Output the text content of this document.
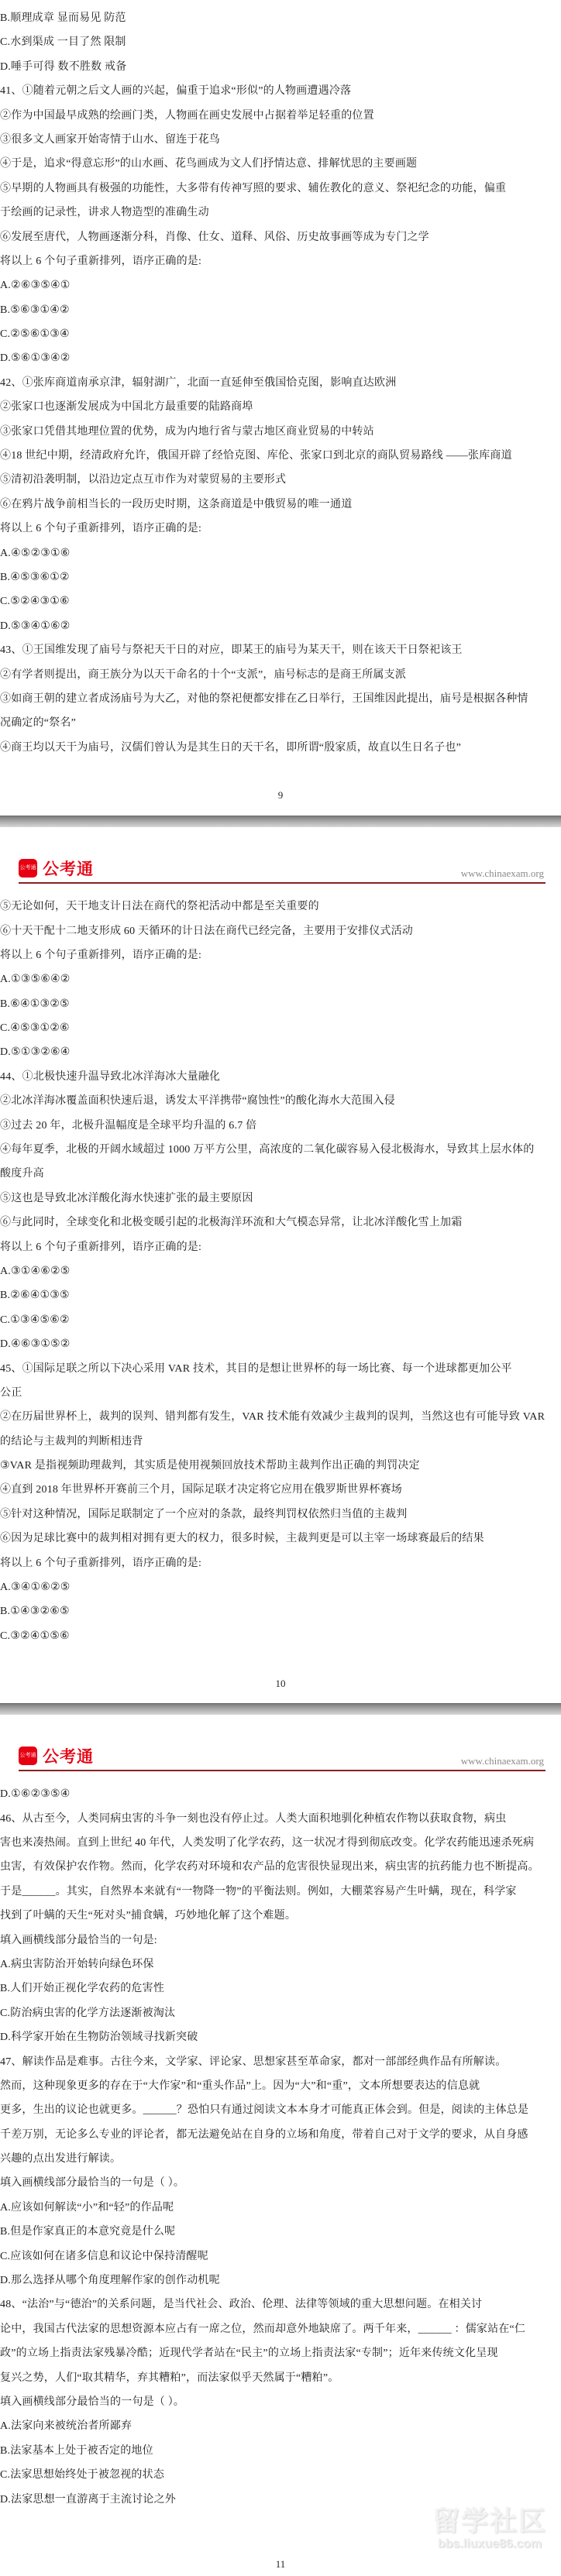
B.顺理成章 显而易见 防范

C.水到渠成 一目了然 限制

D.唾手可得 数不胜数 戒备

41、①随着元朝之后文人画的兴起，偏重于追求“形似”的人物画遭遇冷落

②作为中国最早成熟的绘画门类，人物画在画史发展中占据着举足轻重的位置

③很多文人画家开始寄情于山水、留连于花鸟

④于是，追求“得意忘形”的山水画、花鸟画成为文人们抒情达意、排解忧思的主要画题

⑤早期的人物画具有极强的功能性，大多带有传神写照的要求、辅佐教化的意义、祭祀纪念的功能，偏重

于绘画的记录性，讲求人物造型的准确生动

⑥发展至唐代，人物画逐渐分科，肖像、仕女、道释、风俗、历史故事画等成为专门之学

将以上 6 个句子重新排列，语序正确的是:

A.②⑥③⑤④①

B.⑤⑥③①④②

C.②⑤⑥①③④

D.⑤⑥①③④②

42、①张库商道南承京津，辐射湖广，北面一直延伸至俄国恰克图，影响直达欧洲

②张家口也逐渐发展成为中国北方最重要的陆路商埠

③张家口凭借其地理位置的优势，成为内地行省与蒙古地区商业贸易的中转站

④18 世纪中期，经清政府允许，俄国开辟了经恰克图、库伦、张家口到北京的商队贸易路线 ——张库商道

⑤清初沿袭明制，以沿边定点互市作为对蒙贸易的主要形式

⑥在鸦片战争前相当长的一段历史时期，这条商道是中俄贸易的唯一通道

将以上 6 个句子重新排列，语序正确的是:

A.④⑤②③①⑥

B.④⑤③⑥①②

C.⑤②④③①⑥

D.⑤③④①⑥②

43、①王国维发现了庙号与祭祀天干日的对应，即某王的庙号为某天干，则在该天干日祭祀该王

②有学者则提出，商王族分为以天干命名的十个“支派”，庙号标志的是商王所属支派

③如商王朝的建立者成汤庙号为大乙，对他的祭祀便都安排在乙日举行，王国维因此提出，庙号是根据各种情

况确定的“祭名”

④商王均以天干为庙号，汉儒们曾认为是其生日的天干名，即所谓“殷家质，故直以生日名子也”

9

公考通 公考通	www.chinaexam.org

⑤无论如何，天干地支计日法在商代的祭祀活动中都是至关重要的

⑥十天干配十二地支形成 60 天循环的计日法在商代已经完备，主要用于安排仪式活动

将以上 6 个句子重新排列，语序正确的是:

A.①③⑤⑥④②

B.⑥④①③②⑤

C.④⑤③①②⑥

D.⑤①③②⑥④

44、①北极快速升温导致北冰洋海冰大量融化

②北冰洋海冰覆盖面积快速后退，诱发太平洋携带“腐蚀性”的酸化海水大范围入侵

③过去 20 年，北极升温幅度是全球平均升温的 6.7 倍

④每年夏季，北极的开阔水域超过 1000 万平方公里，高浓度的二氧化碳容易入侵北极海水，导致其上层水体的

酸度升高

⑤这也是导致北冰洋酸化海水快速扩张的最主要原因

⑥与此同时，全球变化和北极变暖引起的北极海洋环流和大气模态异常，让北冰洋酸化雪上加霜

将以上 6 个句子重新排列，语序正确的是:

A.③①④⑥②⑤

B.②⑥④①③⑤

C.①③④⑤⑥②

D.④⑥③①⑤②

45、①国际足联之所以下决心采用 VAR 技术，其目的是想让世界杯的每一场比赛、每一个进球都更加公平

公正

②在历届世界杯上，裁判的误判、错判都有发生，VAR 技术能有效减少主裁判的误判，当然这也有可能导致 VAR

的结论与主裁判的判断相违背

③VAR 是指视频助理裁判，其实质是使用视频回放技术帮助主裁判作出正确的判罚决定

④直到 2018 年世界杯开赛前三个月，国际足联才决定将它应用在俄罗斯世界杯赛场

⑤针对这种情况，国际足联制定了一个应对的条款，最终判罚权依然归当值的主裁判

⑥因为足球比赛中的裁判相对拥有更大的权力，很多时候，主裁判更是可以主宰一场球赛最后的结果

将以上 6 个句子重新排列，语序正确的是:

A.③④①⑥②⑤

B.①④③②⑥⑤

C.③②④①⑤⑥

10

公考通 公考通	www.chinaexam.org

D.①⑥②③⑤④

46、从古至今，人类同病虫害的斗争一刻也没有停止过。人类大面积地驯化种植农作物以获取食物，病虫

害也来凑热闹。直到上世纪 40 年代，人类发明了化学农药，这一状况才得到彻底改变。化学农药能迅速杀死病

虫害，有效保护农作物。然而，化学农药对环境和农产品的危害很快显现出来，病虫害的抗药能力也不断提高。

于是______。其实，自然界本来就有“一物降一物”的平衡法则。例如，大棚菜容易产生叶螨，现在，科学家

找到了叶螨的天生“死对头”捕食螨，巧妙地化解了这个难题。

填入画横线部分最恰当的一句是:

A.病虫害防治开始转向绿色环保

B.人们开始正视化学农药的危害性

C.防治病虫害的化学方法逐渐被淘汰

D.科学家开始在生物防治领域寻找新突破

47、解读作品是难事。古往今来，文学家、评论家、思想家甚至革命家，都对一部部经典作品有所解读。

然而，这种现象更多的存在于“大作家”和“重头作品”上。因为“大”和“重”，文本所想要表达的信息就

更多，生出的议论也就更多。______？恐怕只有通过阅读文本本身才可能真正体会到。但是，阅读的主体总是

千差万别，无论多么专业的评论者，都无法避免站在自身的立场和角度，带着自己对于文学的要求，从自身感

兴趣的点出发进行解读。

填入画横线部分最恰当的一句是（ ）。

A.应该如何解读“小”和“轻”的作品呢

B.但是作家真正的本意究竟是什么呢

C.应该如何在诸多信息和议论中保持清醒呢

D.那么选择从哪个角度理解作家的创作动机呢

48、“法治”与“德治”的关系问题，是当代社会、政治、伦理、法律等领域的重大思想问题。在相关讨

论中，我国古代法家的思想资源本应占有一席之位，然而却意外地缺席了。两千年来，______ ：儒家站在“仁

政”的立场上指责法家残暴冷酷；近现代学者站在“民主”的立场上指责法家“专制”；近年来传统文化呈现

复兴之势，人们“取其精华，弃其糟粕”，而法家似乎天然属于“糟粕”。

填入画横线部分最恰当的一句是（ ）。

A.法家向来被统治者所鄙弃

B.法家基本上处于被否定的地位

C.法家思想始终处于被忽视的状态

D.法家思想一直游离于主流讨论之外

11

留学社区

bbs.liuxue86.com
